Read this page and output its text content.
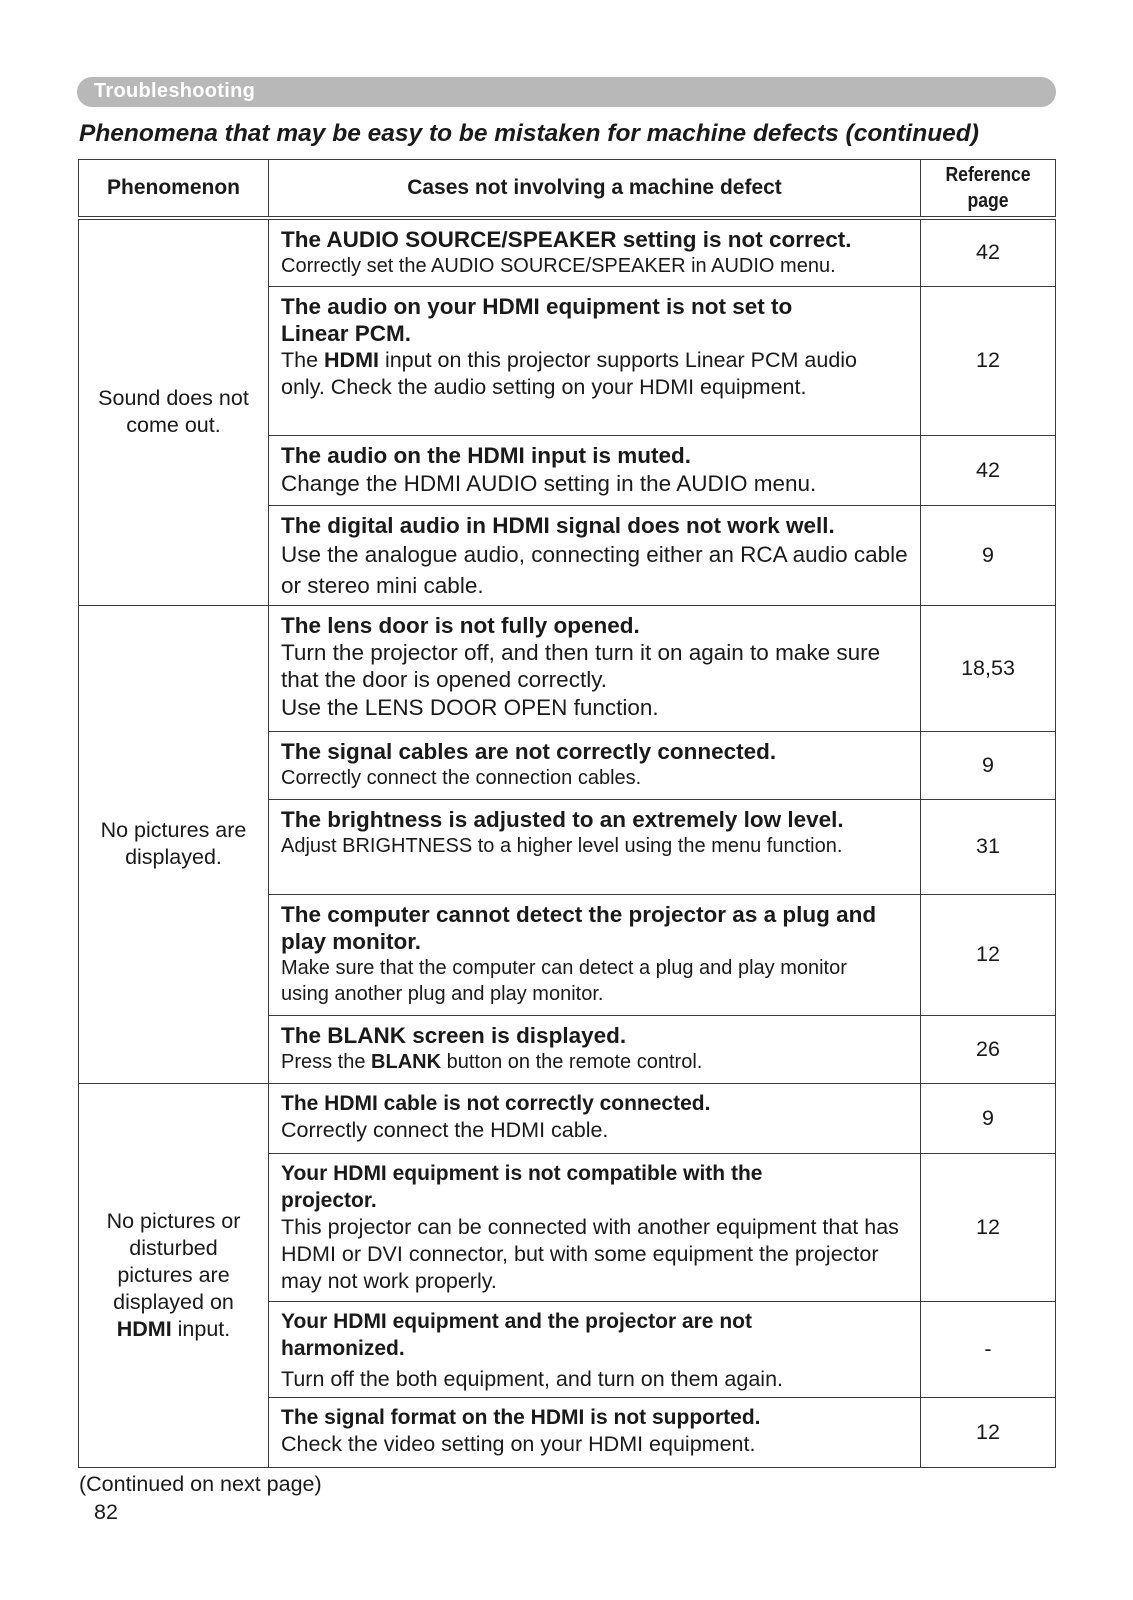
Troubleshooting
Phenomena that may be easy to be mistaken for machine defects (continued)
Phenomenon	Cases not involving a machine defect	Reference
page

Sound does not come out.	The AUDIO SOURCE/SPEAKER setting is not correct.

Correctly set the AUDIO SOURCE/SPEAKER in AUDIO menu.	42

	The audio on your HDMI equipment is not set to Linear PCM.

The HDMI input on this projector supports Linear PCM audio only. Check the audio setting on your HDMI equipment.	12

	The audio on the HDMI input is muted.

Change the HDMI AUDIO setting in the AUDIO menu.	42

	The digital audio in HDMI signal does not work well.

Use the analogue audio, connecting either an RCA audio cable or stereo mini cable.	9
No pictures are displayed.	The lens door is not fully opened.

Turn the projector off, and then turn it on again to make sure that the door is opened correctly.

Use the LENS DOOR OPEN function.	18,53

	The signal cables are not correctly connected.

Correctly connect the connection cables.	9

	The brightness is adjusted to an extremely low level.

Adjust BRIGHTNESS to a higher level using the menu function.	31

	The computer cannot detect the projector as a plug and play monitor.

Make sure that the computer can detect a plug and play monitor using another plug and play monitor.	12

	The BLANK screen is displayed.

Press the BLANK button on the remote control.	26
No pictures or disturbed pictures are displayed on HDMI input.	The HDMI cable is not correctly connected.

Correctly connect the HDMI cable.	9

	Your HDMI equipment is not compatible with the projector.

This projector can be connected with another equipment that has HDMI or DVI connector, but with some equipment the projector may not work properly.	12

	Your HDMI equipment and the projector are not harmonized.

Turn off the both equipment, and turn on them again.	-

	The signal format on the HDMI is not supported.

Check the video setting on your HDMI equipment.	12

(Continued on next page)

82
